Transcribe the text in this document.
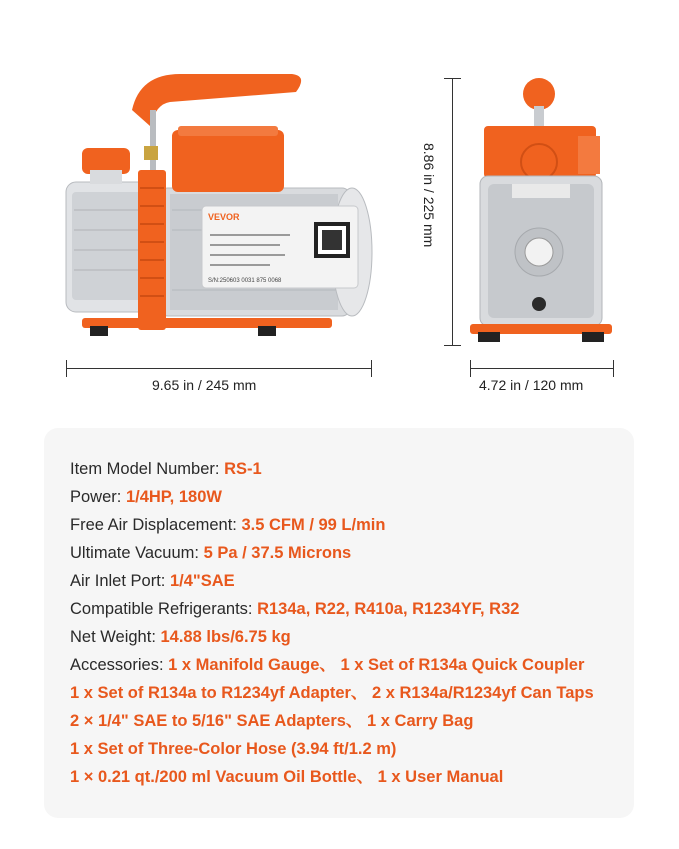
VEVOR
S/N:250603 0031 875 0068
9.65 in / 245 mm	4.72 in / 120 mm
8.86 in / 225 mm
Item Model Number: RS-1
Power: 1/4HP, 180W
Free Air Displacement: 3.5 CFM / 99 L/min
Ultimate Vacuum: 5 Pa / 37.5 Microns
Air Inlet Port: 1/4"SAE
Compatible Refrigerants: R134a, R22, R410a, R1234YF, R32
Net Weight: 14.88 lbs/6.75 kg
Accessories: 1 x Manifold Gauge、 1 x Set of R134a Quick Coupler
1 x Set of R134a to R1234yf Adapter、 2 x R134a/R1234yf Can Taps
2 × 1/4" SAE to 5/16" SAE Adapters、 1 x Carry Bag
1 x Set of Three-Color Hose (3.94 ft/1.2 m)
1 × 0.21 qt./200 ml Vacuum Oil Bottle、 1 x User Manual
